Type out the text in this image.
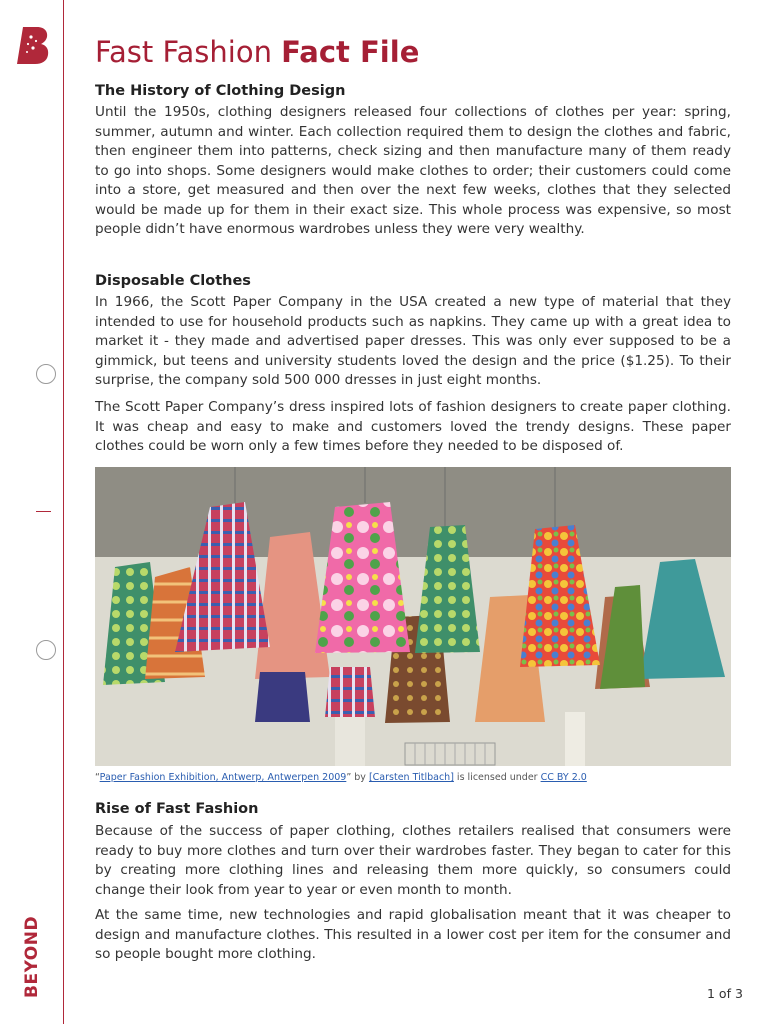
BEYOND
Fast Fashion Fact File
The History of Clothing Design

Until the 1950s, clothing designers released four collections of clothes per year: spring, summer, autumn and winter. Each collection required them to design the clothes and fabric, then engineer them into patterns, check sizing and then manufacture many of them ready to go into shops. Some designers would make clothes to order; their customers could come into a store, get measured and then over the next few weeks, clothes that they selected would be made up for them in their exact size. This whole process was expensive, so most people didn’t have enormous wardrobes unless they were very wealthy.

Disposable Clothes

In 1966, the Scott Paper Company in the USA created a new type of material that they intended to use for household products such as napkins. They came up with a great idea to market it - they made and advertised paper dresses. This was only ever supposed to be a gimmick, but teens and university students loved the design and the price ($1.25). To their surprise, the company sold 500 000 dresses in just eight months.

The Scott Paper Company’s dress inspired lots of fashion designers to create paper clothing. It was cheap and easy to make and customers loved the trendy designs. These paper clothes could be worn only a few times before they needed to be disposed of.

“Paper Fashion Exhibition, Antwerp, Antwerpen 2009” by [Carsten Titlbach] is licensed under CC BY 2.0
Rise of Fast Fashion

Because of the success of paper clothing, clothes retailers realised that consumers were ready to buy more clothes and turn over their wardrobes faster. They began to cater for this by creating more clothing lines and releasing them more quickly, so consumers could change their look from year to year or even month to month.

At the same time, new technologies and rapid globalisation meant that it was cheaper to design and manufacture clothes. This resulted in a lower cost per item for the consumer and so people bought more clothing.

1 of 3
